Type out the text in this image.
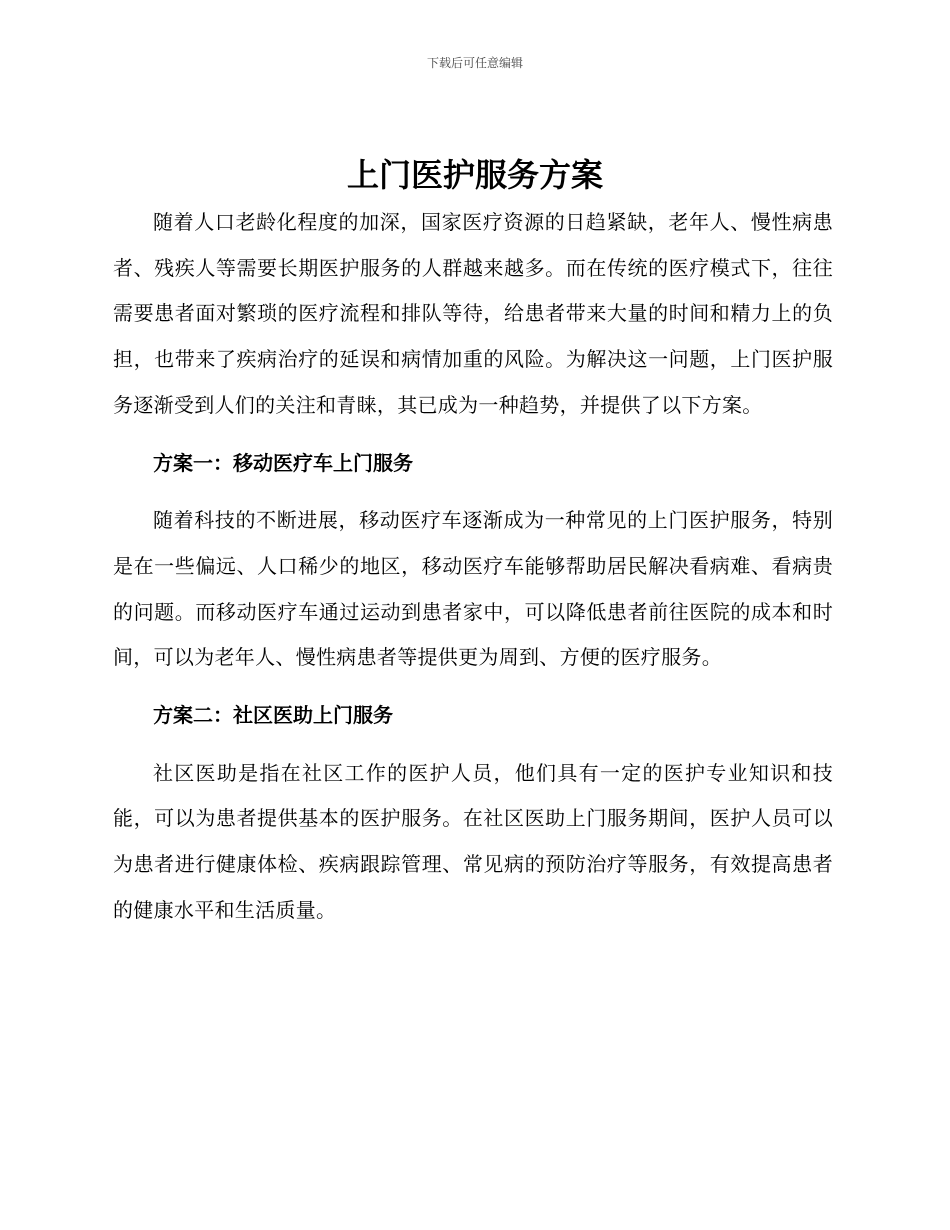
下载后可任意编辑
上门医护服务方案

随着人口老龄化程度的加深，国家医疗资源的日趋紧缺，老年人、慢性病患者、残疾人等需要长期医护服务的人群越来越多。而在传统的医疗模式下，往往需要患者面对繁琐的医疗流程和排队等待，给患者带来大量的时间和精力上的负担，也带来了疾病治疗的延误和病情加重的风险。为解决这一问题，上门医护服务逐渐受到人们的关注和青睐，其已成为一种趋势，并提供了以下方案。

方案一：移动医疗车上门服务

随着科技的不断进展，移动医疗车逐渐成为一种常见的上门医护服务，特别是在一些偏远、人口稀少的地区，移动医疗车能够帮助居民解决看病难、看病贵的问题。而移动医疗车通过运动到患者家中，可以降低患者前往医院的成本和时间，可以为老年人、慢性病患者等提供更为周到、方便的医疗服务。

方案二：社区医助上门服务

社区医助是指在社区工作的医护人员，他们具有一定的医护专业知识和技能，可以为患者提供基本的医护服务。在社区医助上门服务期间，医护人员可以为患者进行健康体检、疾病跟踪管理、常见病的预防治疗等服务，有效提高患者的健康水平和生活质量。
